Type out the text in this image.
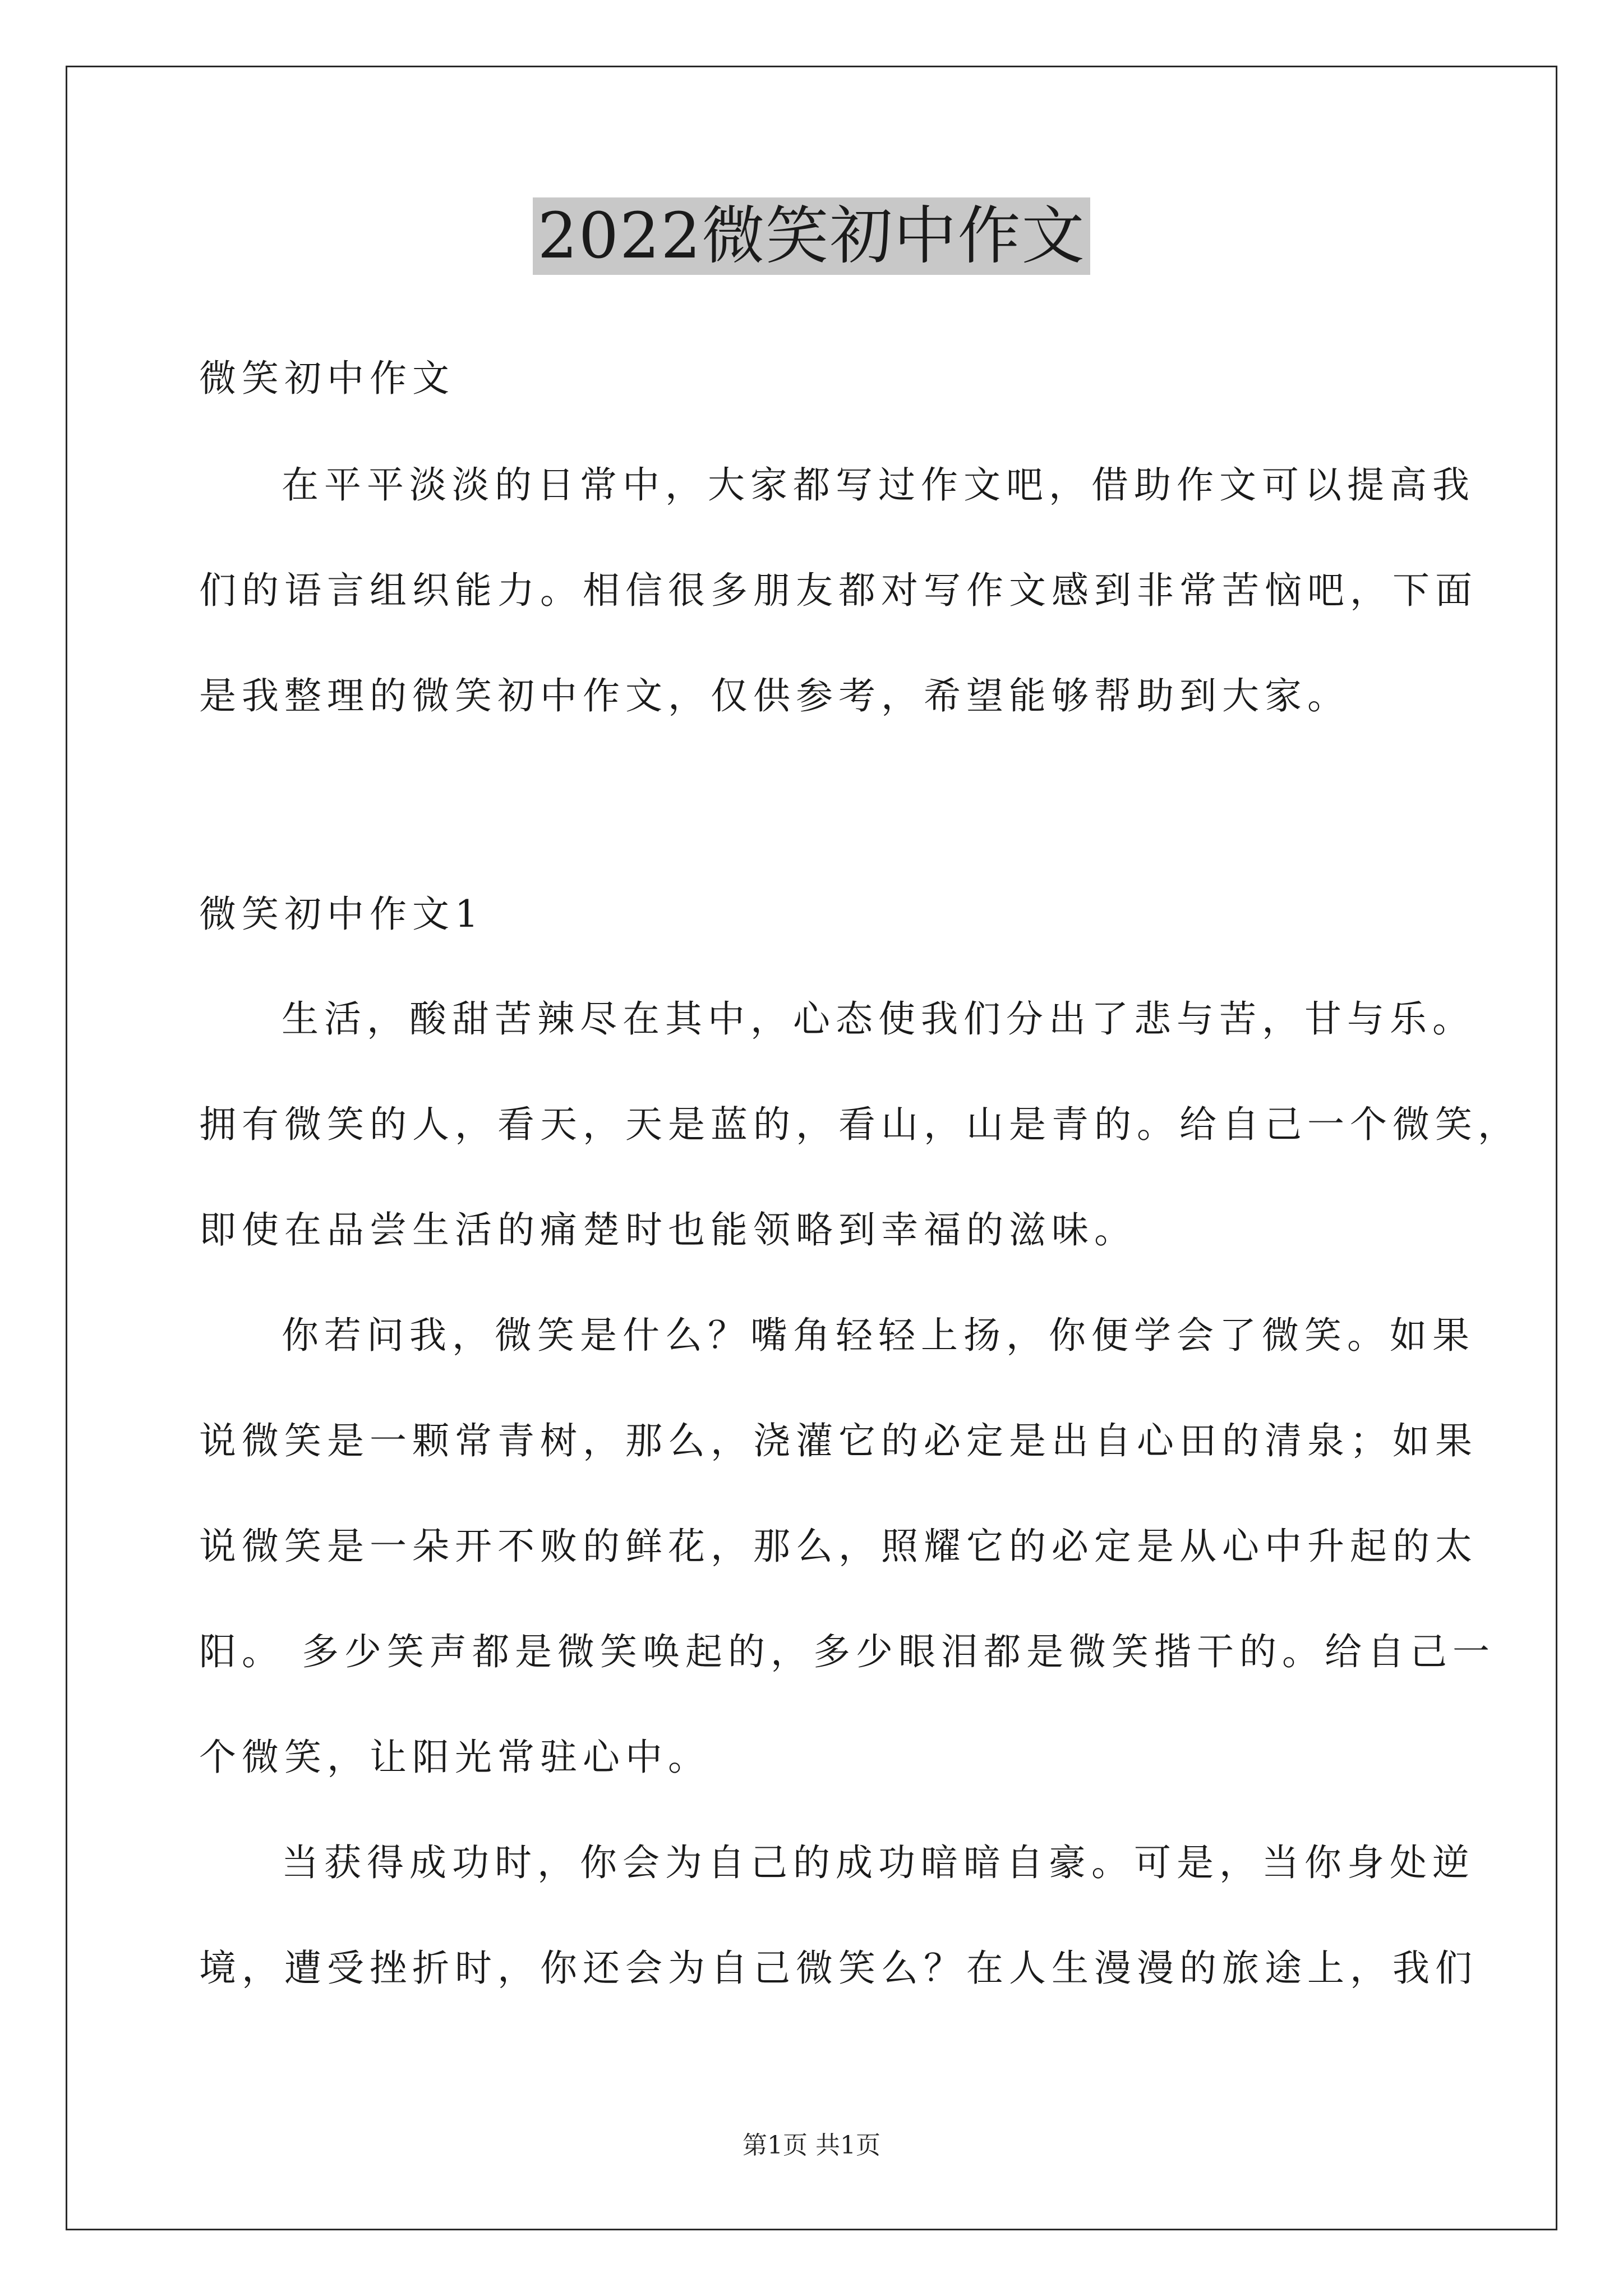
2022微笑初中作文
微笑初中作文
在平平淡淡的日常中，大家都写过作文吧，借助作文可以提高我
们的语言组织能力。相信很多朋友都对写作文感到非常苦恼吧，下面
是我整理的微笑初中作文，仅供参考，希望能够帮助到大家。
微笑初中作文1
生活，酸甜苦辣尽在其中，心态使我们分出了悲与苦，甘与乐。
拥有微笑的人，看天，天是蓝的，看山，山是青的。给自己一个微笑，
即使在品尝生活的痛楚时也能领略到幸福的滋味。
你若问我，微笑是什么？嘴角轻轻上扬，你便学会了微笑。如果
说微笑是一颗常青树，那么，浇灌它的必定是出自心田的清泉；如果
说微笑是一朵开不败的鲜花，那么，照耀它的必定是从心中升起的太
阳。 多少笑声都是微笑唤起的，多少眼泪都是微笑揩干的。给自己一
个微笑，让阳光常驻心中。
当获得成功时，你会为自己的成功暗暗自豪。可是，当你身处逆
境，遭受挫折时，你还会为自己微笑么？在人生漫漫的旅途上，我们
第1页 共1页
